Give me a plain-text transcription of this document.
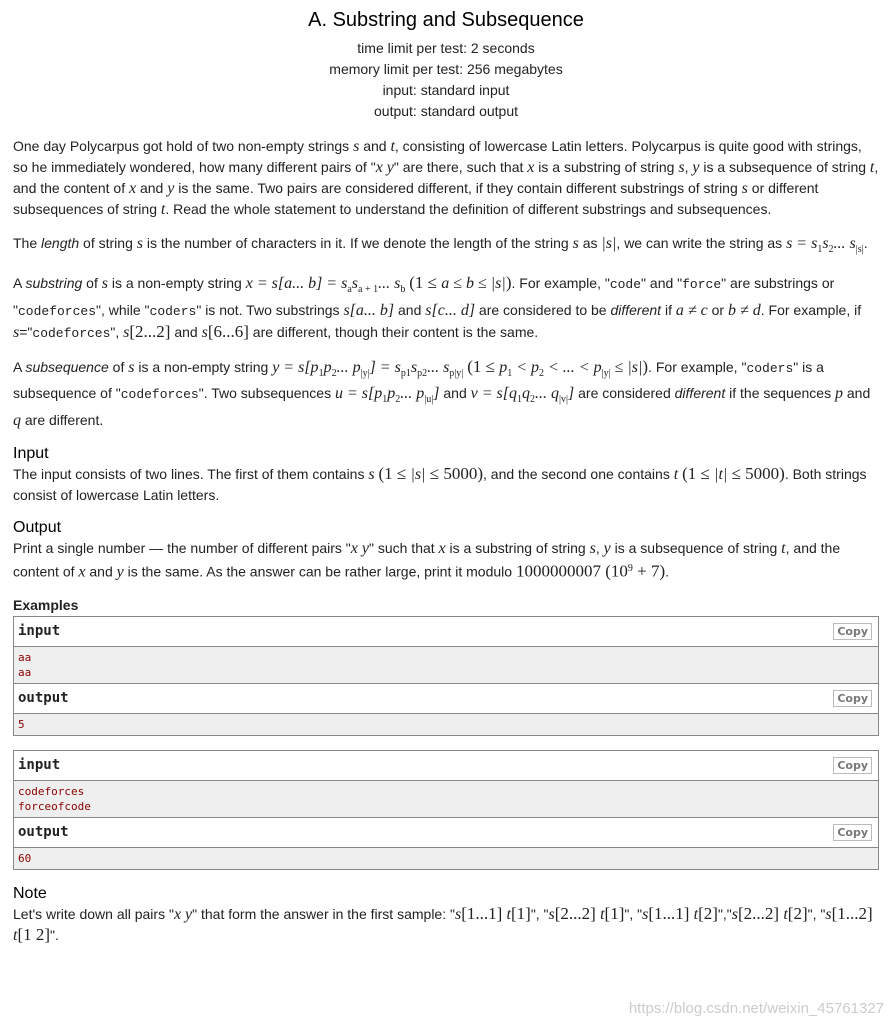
A. Substring and Subsequence
time limit per test: 2 seconds
memory limit per test: 256 megabytes
input: standard input
output: standard output

One day Polycarpus got hold of two non-empty strings s and t, consisting of lowercase Latin letters. Polycarpus is quite good with strings, so he immediately wondered, how many different pairs of "x y" are there, such that x is a substring of string s, y is a subsequence of string t, and the content of x and y is the same. Two pairs are considered different, if they contain different substrings of string s or different subsequences of string t. Read the whole statement to understand the definition of different substrings and subsequences.

The length of string s is the number of characters in it. If we denote the length of the string s as |s|, we can write the string as $s = s_1s_2$... $s_{|s|}$.

A substring of s is a non-empty string x = s[a... $b] = s_as_{a + 1}$... $s_b$ (1 ≤ a ≤ b ≤ |s|). For example, "code" and "force" are substrings or "codeforces", while "coders" is not. Two substrings s[a... b] and s[c... d] are considered to be different if a ≠ c or b ≠ d. For example, if s="codeforces", s[2...2] and s[6...6] are different, though their content is the same.

A subsequence of s is a non-empty string $y = s[p_1p_2$... $p_{|y|}] = s_{p1}s_{p2}$... $s_{p|y|}$ ($1 \le p_1 < p_2$ < ... < $p_{|y|} \le |s|$). For example, "coders" is a subsequence of "codeforces". Two subsequences $u = s[p_1p_2$... $p_{|u|}$] and $v = s[q_1q_2$... $q_{|v|}$] are considered different if the sequences p and q are different.

Input

The input consists of two lines. The first of them contains s (1 ≤ |s| ≤ 5000), and the second one contains t (1 ≤ |t| ≤ 5000). Both strings consist of lowercase Latin letters.

Output

Print a single number — the number of different pairs "x y" such that x is a substring of string s, y is a subsequence of string t, and the content of x and y is the same. As the answer can be rather large, print it modulo 1000000007 $(10^9 + 7)$.

Examples
input	Copy
aa
aa
output	Copy
5
input	Copy
codeforces
forceofcode
output	Copy
60
Note

Let's write down all pairs "x y" that form the answer in the first sample: "s[1...1] t[1]", "s[2...2] t[1]", "s[1...1] t[2]","s[2...2] t[2]", "s[1...2] t[1 2]".

https://blog.csdn.net/weixin_45761327
